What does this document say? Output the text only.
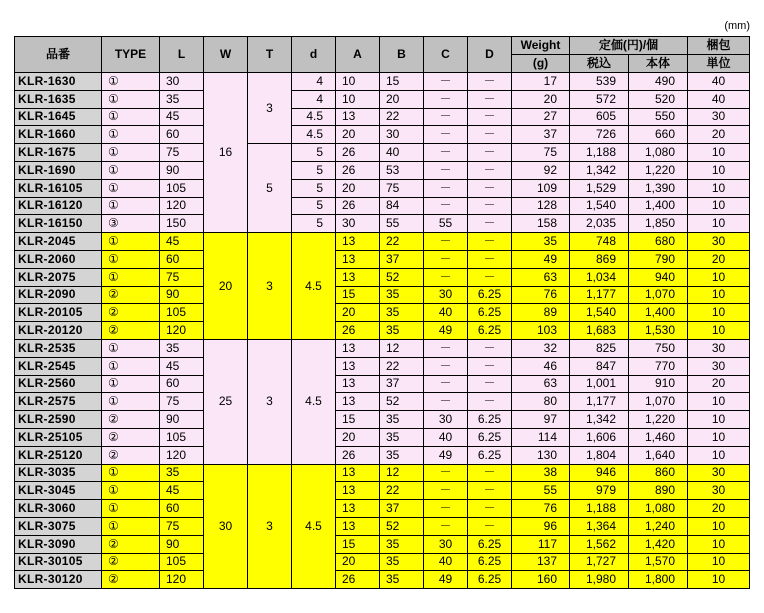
(mm)
品番	TYPE	L	W	T	d	A	B	C	D	Weight	定価(円)/個		梱包
										(g)	税込	本体	単位
KLR-1630	①	30	16	3	4	10	15	－	－	17	539	490	40
KLR-1635	①	35			4	10	20	－	－	20	572	520	40
KLR-1645	①	45			4.5	13	22	－	－	27	605	550	30
KLR-1660	①	60			4.5	20	30	－	－	37	726	660	20
KLR-1675	①	75		5	5	26	40	－	－	75	1,188	1,080	10
KLR-1690	①	90			5	26	53	－	－	92	1,342	1,220	10
KLR-16105	①	105			5	20	75	－	－	109	1,529	1,390	10
KLR-16120	①	120			5	26	84	－	－	128	1,540	1,400	10
KLR-16150	③	150			5	30	55	55	－	158	2,035	1,850	10
KLR-2045	①	45	20	3	4.5	13	22	－	－	35	748	680	30
KLR-2060	①	60				13	37	－	－	49	869	790	20
KLR-2075	①	75				13	52	－	－	63	1,034	940	10
KLR-2090	②	90				15	35	30	6.25	76	1,177	1,070	10
KLR-20105	②	105				20	35	40	6.25	89	1,540	1,400	10
KLR-20120	②	120				26	35	49	6.25	103	1,683	1,530	10
KLR-2535	①	35	25	3	4.5	13	12	－	－	32	825	750	30
KLR-2545	①	45				13	22	－	－	46	847	770	30
KLR-2560	①	60				13	37	－	－	63	1,001	910	20
KLR-2575	①	75				13	52	－	－	80	1,177	1,070	10
KLR-2590	②	90				15	35	30	6.25	97	1,342	1,220	10
KLR-25105	②	105				20	35	40	6.25	114	1,606	1,460	10
KLR-25120	②	120				26	35	49	6.25	130	1,804	1,640	10
KLR-3035	①	35	30	3	4.5	13	12	－	－	38	946	860	30
KLR-3045	①	45				13	22	－	－	55	979	890	30
KLR-3060	①	60				13	37	－	－	76	1,188	1,080	20
KLR-3075	①	75				13	52	－	－	96	1,364	1,240	10
KLR-3090	②	90				15	35	30	6.25	117	1,562	1,420	10
KLR-30105	②	105				20	35	40	6.25	137	1,727	1,570	10
KLR-30120	②	120				26	35	49	6.25	160	1,980	1,800	10
